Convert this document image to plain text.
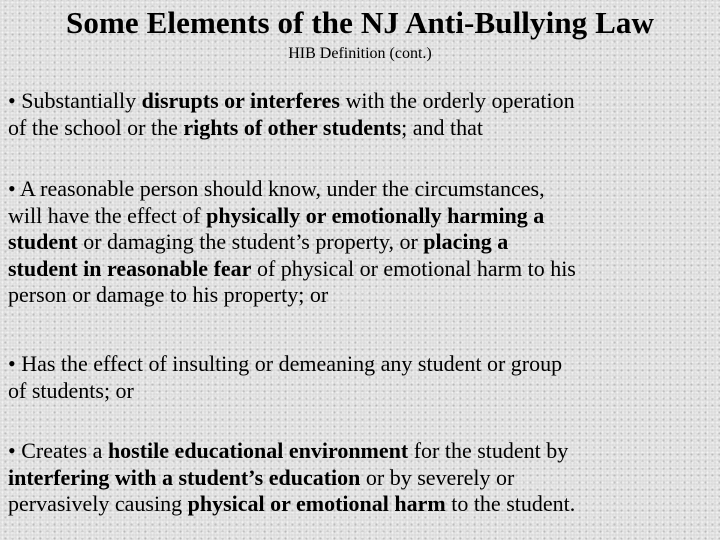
Some Elements of the NJ Anti-Bullying Law
HIB Definition (cont.)
• Substantially disrupts or interferes with the orderly operation
of the school or the rights of other students; and that
• A reasonable person should know, under the circumstances,
will have the effect of physically or emotionally harming a
student or damaging the student’s property, or placing a
student in reasonable fear of physical or emotional harm to his
person or damage to his property; or
• Has the effect of insulting or demeaning any student or group
of students; or
• Creates a hostile educational environment for the student by
interfering with a student’s education or by severely or
pervasively causing physical or emotional harm to the student.
